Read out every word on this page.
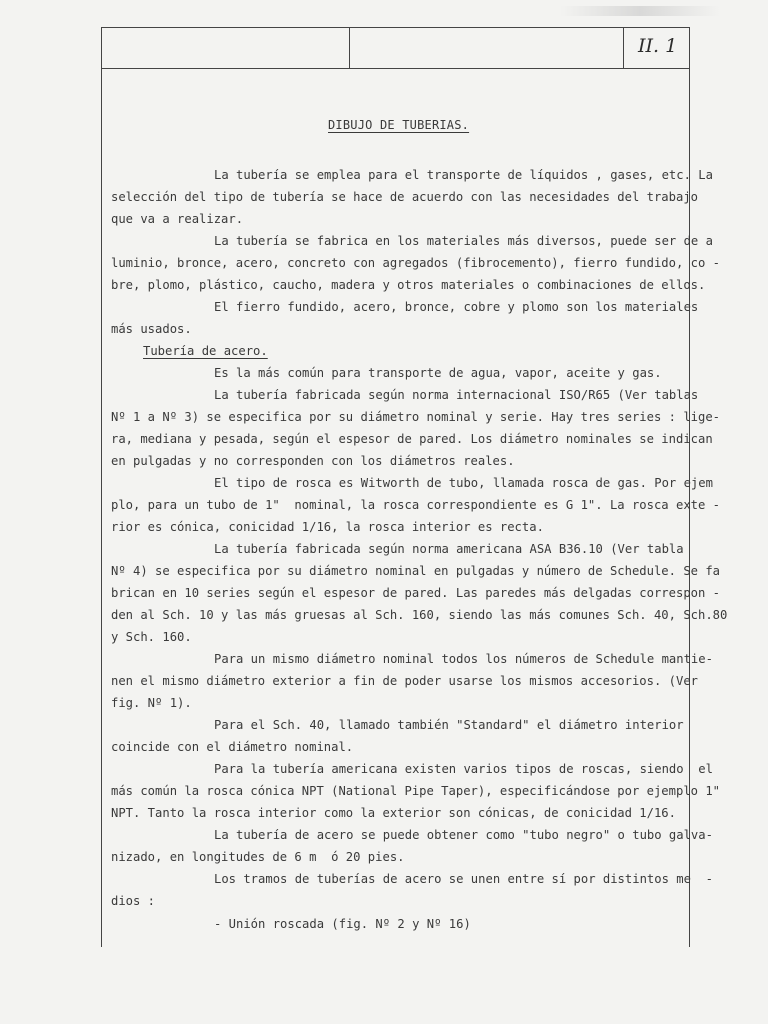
II. 1
DIBUJO DE TUBERIAS.
La tubería se emplea para el transporte de líquidos , gases, etc. La
selección del tipo de tubería se hace de acuerdo con las necesidades del trabajo
que va a realizar.
La tubería se fabrica en los materiales más diversos, puede ser de a
luminio, bronce, acero, concreto con agregados (fibrocemento), fierro fundido, co -
bre, plomo, plástico, caucho, madera y otros materiales o combinaciones de ellos.
El fierro fundido, acero, bronce, cobre y plomo son los materiales
más usados.
Tubería de acero.
Es la más común para transporte de agua, vapor, aceite y gas.
La tubería fabricada según norma internacional ISO/R65 (Ver tablas
Nº 1 a Nº 3) se especifica por su diámetro nominal y serie. Hay tres series : lige-
ra, mediana y pesada, según el espesor de pared. Los diámetro nominales se indican
en pulgadas y no corresponden con los diámetros reales.
El tipo de rosca es Witworth de tubo, llamada rosca de gas. Por ejem
plo, para un tubo de 1"  nominal, la rosca correspondiente es G 1". La rosca exte -
rior es cónica, conicidad 1/16, la rosca interior es recta.
La tubería fabricada según norma americana ASA B36.10 (Ver tabla
Nº 4) se especifica por su diámetro nominal en pulgadas y número de Schedule. Se fa
brican en 10 series según el espesor de pared. Las paredes más delgadas correspon -
den al Sch. 10 y las más gruesas al Sch. 160, siendo las más comunes Sch. 40, Sch.80
y Sch. 160.
Para un mismo diámetro nominal todos los números de Schedule mantie-
nen el mismo diámetro exterior a fin de poder usarse los mismos accesorios. (Ver
fig. Nº 1).
Para el Sch. 40, llamado también "Standard" el diámetro interior
coincide con el diámetro nominal.
Para la tubería americana existen varios tipos de roscas, siendo  el
más común la rosca cónica NPT (National Pipe Taper), especificándose por ejemplo 1"
NPT. Tanto la rosca interior como la exterior son cónicas, de conicidad 1/16.
La tubería de acero se puede obtener como "tubo negro" o tubo galva-
nizado, en longitudes de 6 m  ó 20 pies.
Los tramos de tuberías de acero se unen entre sí por distintos me  -
dios :
- Unión roscada (fig. Nº 2 y Nº 16)
